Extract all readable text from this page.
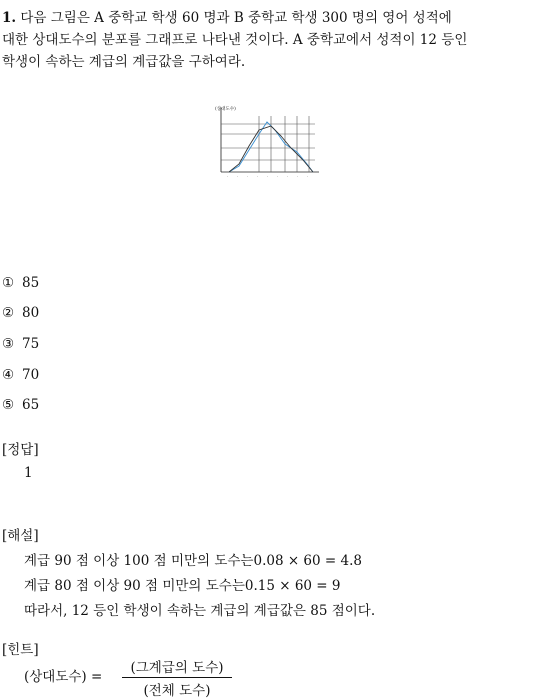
1. 다음 그림은 A 중학교 학생 60 명과 B 중학교 학생 300 명의 영어 성적에
대한 상대도수의 분포를 그래프로 나타낸 것이다. A 중학교에서 성적이 12 등인
학생이 속하는 계급의 계급값을 구하여라.
(상대도수)
·	·	·	·	·	·	·	·	·
① 85
② 80
③ 75
④ 70
⑤ 65
[정답]
1
[해설]
계급 90 점 이상 100 점 미만의 도수는0.08 × 60 = 4.8
계급 80 점 이상 90 점 미만의 도수는0.15 × 60 = 9
따라서, 12 등인 학생이 속하는 계급의 계급값은 85 점이다.
[힌트]
(상대도수) =
(그계급의 도수)
(전체 도수)
